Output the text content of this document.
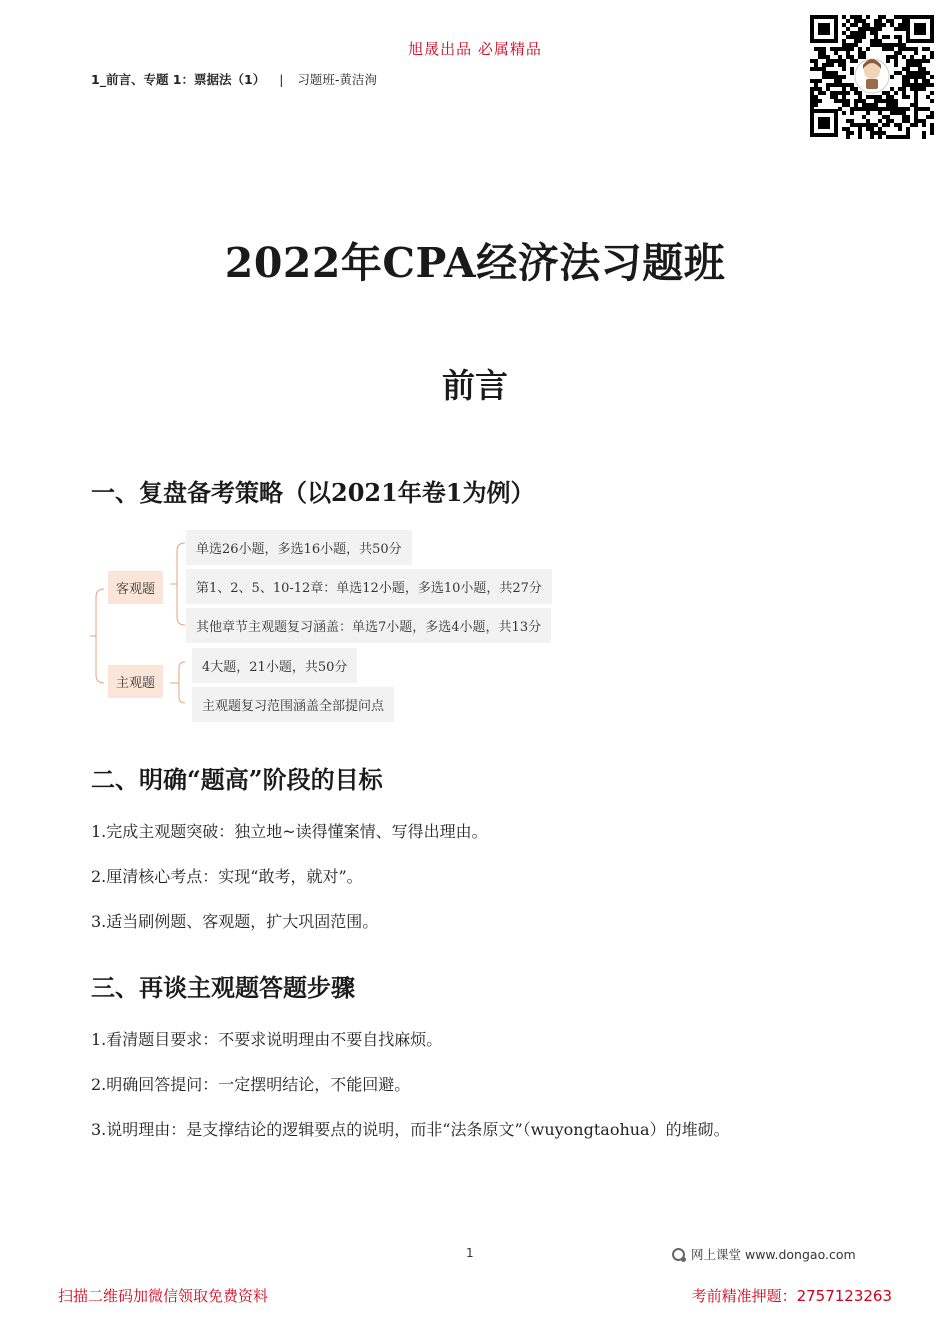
旭晟出品 必属精品
1_前言、专题 1：票据法（1） | 习题班-黄洁洵
2022年CPA经济法习题班
前言
一、复盘备考策略（以2021年卷1为例）
客观题
主观题
单选26小题，多选16小题，共50分
第1、2、5、10-12章：单选12小题，多选10小题，共27分
其他章节主观题复习涵盖：单选7小题，多选4小题，共13分
4大题，21小题，共50分
主观题复习范围涵盖全部提问点
二、明确“题高”阶段的目标
1.完成主观题突破：独立地~读得懂案情、写得出理由。
2.厘清核心考点：实现“敢考，就对”。
3.适当刷例题、客观题，扩大巩固范围。
三、再谈主观题答题步骤
1.看清题目要求：不要求说明理由不要自找麻烦。
2.明确回答提问：一定摆明结论，不能回避。
3.说明理由：是支撑结论的逻辑要点的说明，而非“法条原文”（wuyongtaohua）的堆砌。
1	网上课堂 www.dongao.com
扫描二维码加微信领取免费资料	考前精准押题：2757123263
